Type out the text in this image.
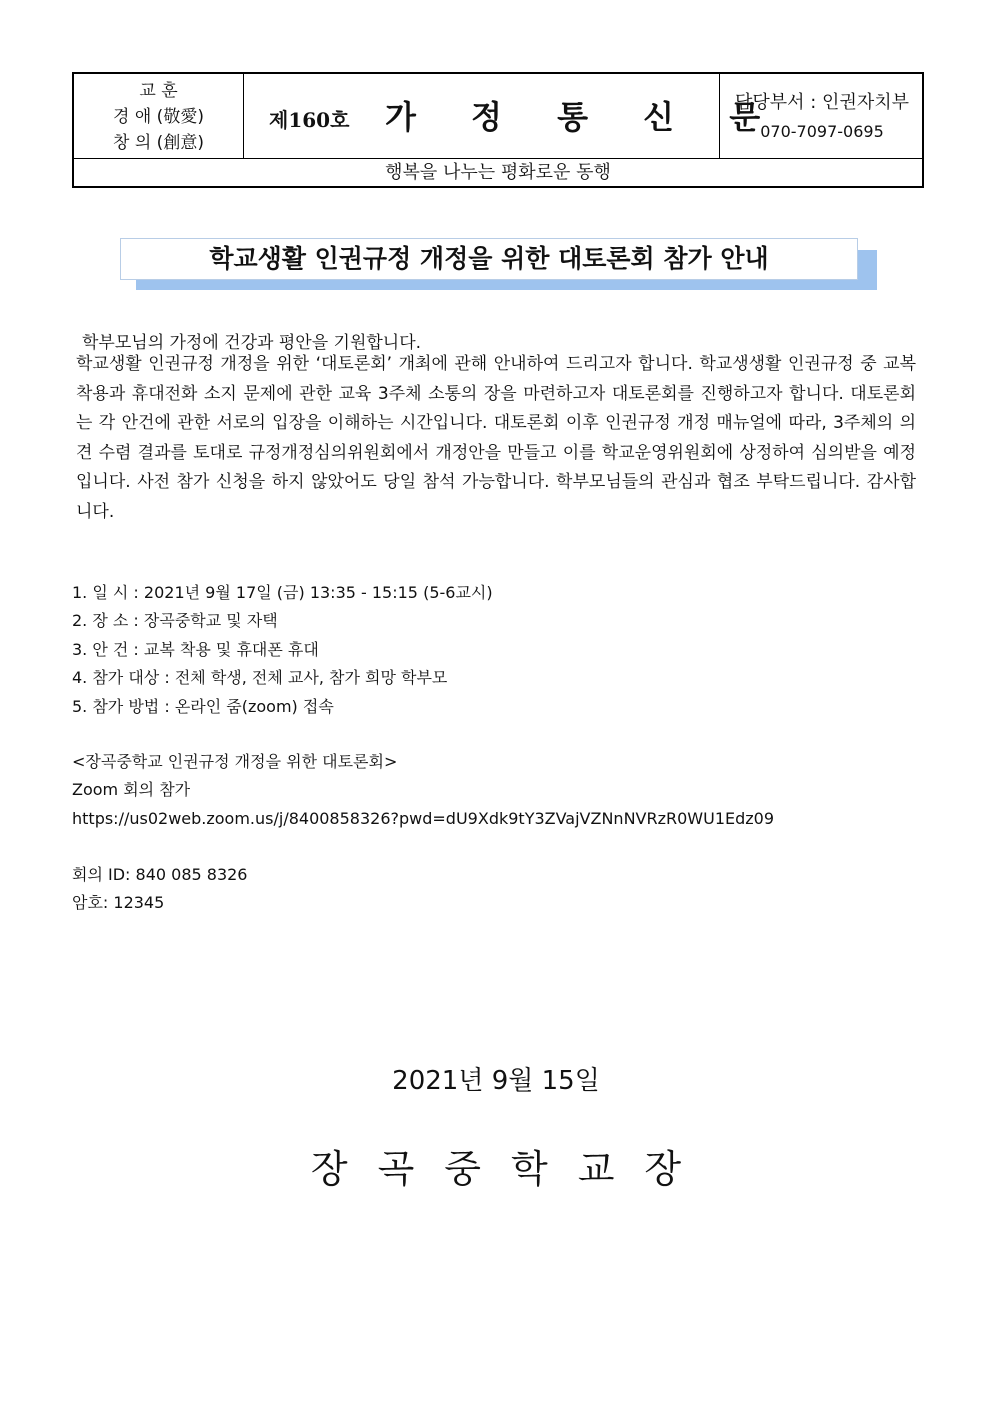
교 훈
경 애 (敬愛)
창 의 (創意)
제160호 가 정 통 신 문
담당부서 : 인권자치부
070-7097-0695
행복을 나누는 평화로운 동행
학교생활 인권규정 개정을 위한 대토론회 참가 안내
학부모님의 가정에 건강과 평안을 기원합니다.
학교생활 인권규정 개정을 위한 ‘대토론회’ 개최에 관해 안내하여 드리고자 합니다. 학교생생활 인권규정 중 교복 착용과 휴대전화 소지 문제에 관한 교육 3주체 소통의 장을 마련하고자 대토론회를 진행하고자 합니다. 대토론회는 각 안건에 관한 서로의 입장을 이해하는 시간입니다. 대토론회 이후 인권규정 개정 매뉴얼에 따라, 3주체의 의견 수렴 결과를 토대로 규정개정심의위원회에서 개정안을 만들고 이를 학교운영위원회에 상정하여 심의받을 예정입니다. 사전 참가 신청을 하지 않았어도 당일 참석 가능합니다. 학부모님들의 관심과 협조 부탁드립니다. 감사합니다.
1. 일 시 : 2021년 9월 17일 (금) 13:35 - 15:15 (5-6교시)
2. 장 소 : 장곡중학교 및 자택
3. 안 건 : 교복 착용 및 휴대폰 휴대
4. 참가 대상 : 전체 학생, 전체 교사, 참가 희망 학부모
5. 참가 방법 : 온라인 줌(zoom) 접속
<장곡중학교 인권규정 개정을 위한 대토론회>
Zoom 회의 참가
https://us02web.zoom.us/j/8400858326?pwd=dU9Xdk9tY3ZVajVZNnNVRzR0WU1Edz09
회의 ID: 840 085 8326
암호: 12345
2021년 9월 15일
장곡중학교장
